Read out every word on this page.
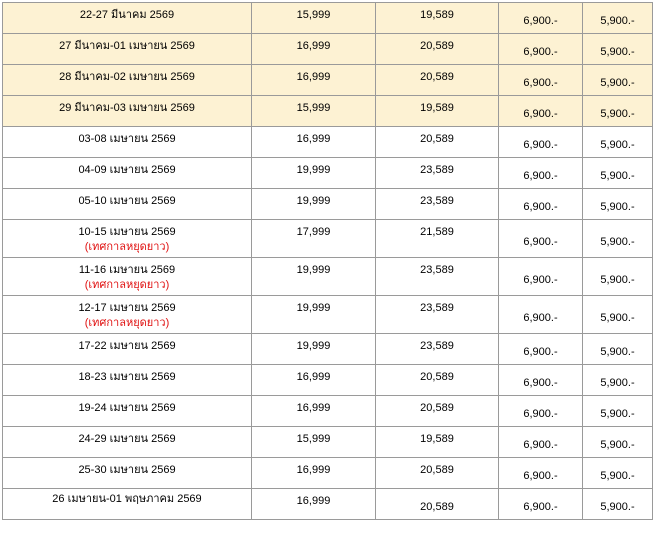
22-27 มีนาคม 2569	15,999	19,589	6,900.-	5,900.-

27 มีนาคม-01 เมษายน 2569	16,999	20,589	6,900.-	5,900.-

28 มีนาคม-02 เมษายน 2569	16,999	20,589	6,900.-	5,900.-

29 มีนาคม-03 เมษายน 2569	15,999	19,589	6,900.-	5,900.-

03-08 เมษายน 2569	16,999	20,589	6,900.-	5,900.-

04-09 เมษายน 2569	19,999	23,589	6,900.-	5,900.-

05-10 เมษายน 2569	19,999	23,589	6,900.-	5,900.-

10-15 เมษายน 2569
(เทศกาลหยุดยาว)	17,999	21,589	6,900.-	5,900.-

11-16 เมษายน 2569
(เทศกาลหยุดยาว)	19,999	23,589	6,900.-	5,900.-

12-17 เมษายน 2569
(เทศกาลหยุดยาว)	19,999	23,589	6,900.-	5,900.-

17-22 เมษายน 2569	19,999	23,589	6,900.-	5,900.-

18-23 เมษายน 2569	16,999	20,589	6,900.-	5,900.-

19-24 เมษายน 2569	16,999	20,589	6,900.-	5,900.-

24-29 เมษายน 2569	15,999	19,589	6,900.-	5,900.-

25-30 เมษายน 2569	16,999	20,589	6,900.-	5,900.-

26 เมษายน-01 พฤษภาคม 2569	16,999	20,589	6,900.-	5,900.-
